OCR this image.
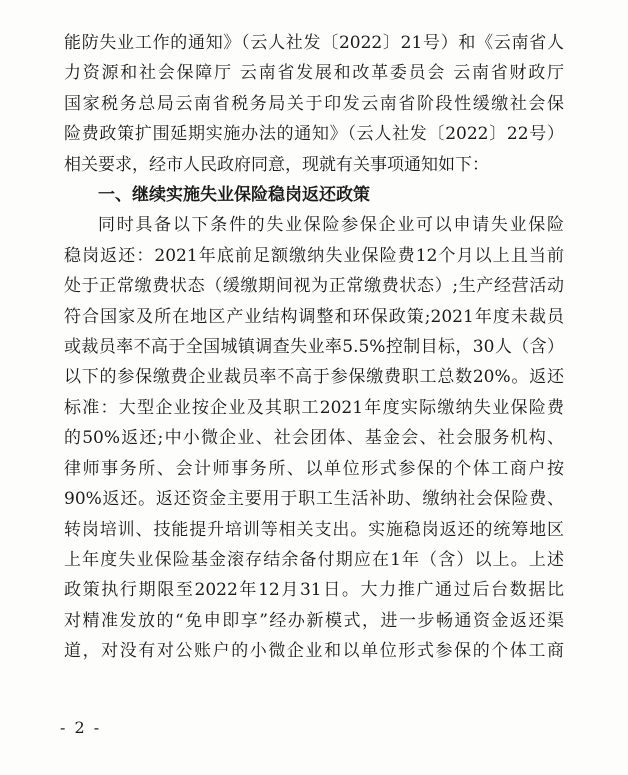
能防失业工作的通知》（云人社发〔2022〕21号）和《云南省人
力资源和社会保障厅 云南省发展和改革委员会 云南省财政厅
国家税务总局云南省税务局关于印发云南省阶段性缓缴社会保
险费政策扩围延期实施办法的通知》（云人社发〔2022〕22号）
相关要求，经市人民政府同意，现就有关事项通知如下：
一、继续实施失业保险稳岗返还政策
同时具备以下条件的失业保险参保企业可以申请失业保险
稳岗返还：2021年底前足额缴纳失业保险费12个月以上且当前
处于正常缴费状态（缓缴期间视为正常缴费状态）;生产经营活动
符合国家及所在地区产业结构调整和环保政策;2021年度未裁员
或裁员率不高于全国城镇调查失业率5.5%控制目标，30人（含）
以下的参保缴费企业裁员率不高于参保缴费职工总数20%。返还
标准：大型企业按企业及其职工2021年度实际缴纳失业保险费
的50%返还;中小微企业、社会团体、基金会、社会服务机构、
律师事务所、会计师事务所、以单位形式参保的个体工商户按
90%返还。返还资金主要用于职工生活补助、缴纳社会保险费、
转岗培训、技能提升培训等相关支出。实施稳岗返还的统筹地区
上年度失业保险基金滚存结余备付期应在1年（含）以上。上述
政策执行期限至2022年12月31日。大力推广通过后台数据比
对精准发放的“免申即享”经办新模式，进一步畅通资金返还渠
道，对没有对公账户的小微企业和以单位形式参保的个体工商
- 2 -
